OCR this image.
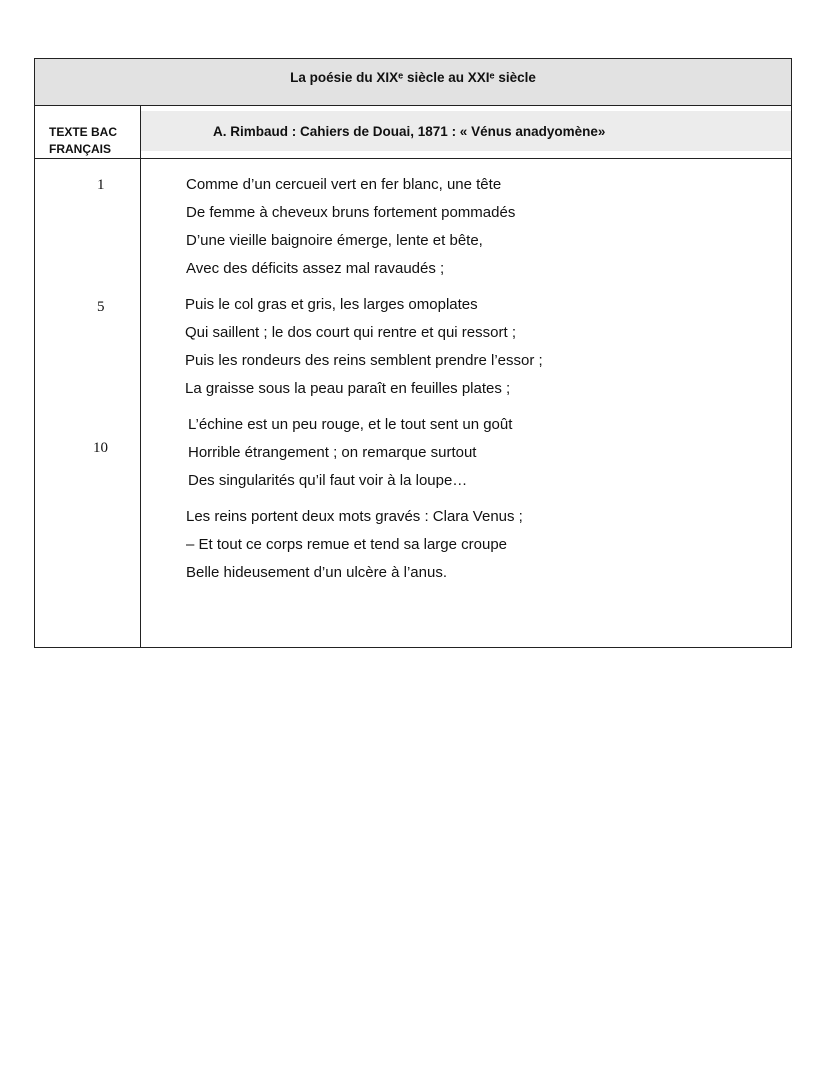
La poésie du XIXᵉ siècle au XXIᵉ siècle
TEXTE BAC
FRANÇAIS
A. Rimbaud : Cahiers de Douai, 1871 : « Vénus anadyomène»
1
5
10
Comme d’un cercueil vert en fer blanc, une tête
De femme à cheveux bruns fortement pommadés
D’une vieille baignoire émerge, lente et bête,
Avec des déficits assez mal ravaudés ;
Puis le col gras et gris, les larges omoplates
Qui saillent ; le dos court qui rentre et qui ressort ;
Puis les rondeurs des reins semblent prendre l’essor ;
La graisse sous la peau paraît en feuilles plates ;
L’échine est un peu rouge, et le tout sent un goût
Horrible étrangement ; on remarque surtout
Des singularités qu’il faut voir à la loupe…
Les reins portent deux mots gravés : Clara Venus ;
– Et tout ce corps remue et tend sa large croupe
Belle hideusement d’un ulcère à l’anus.
